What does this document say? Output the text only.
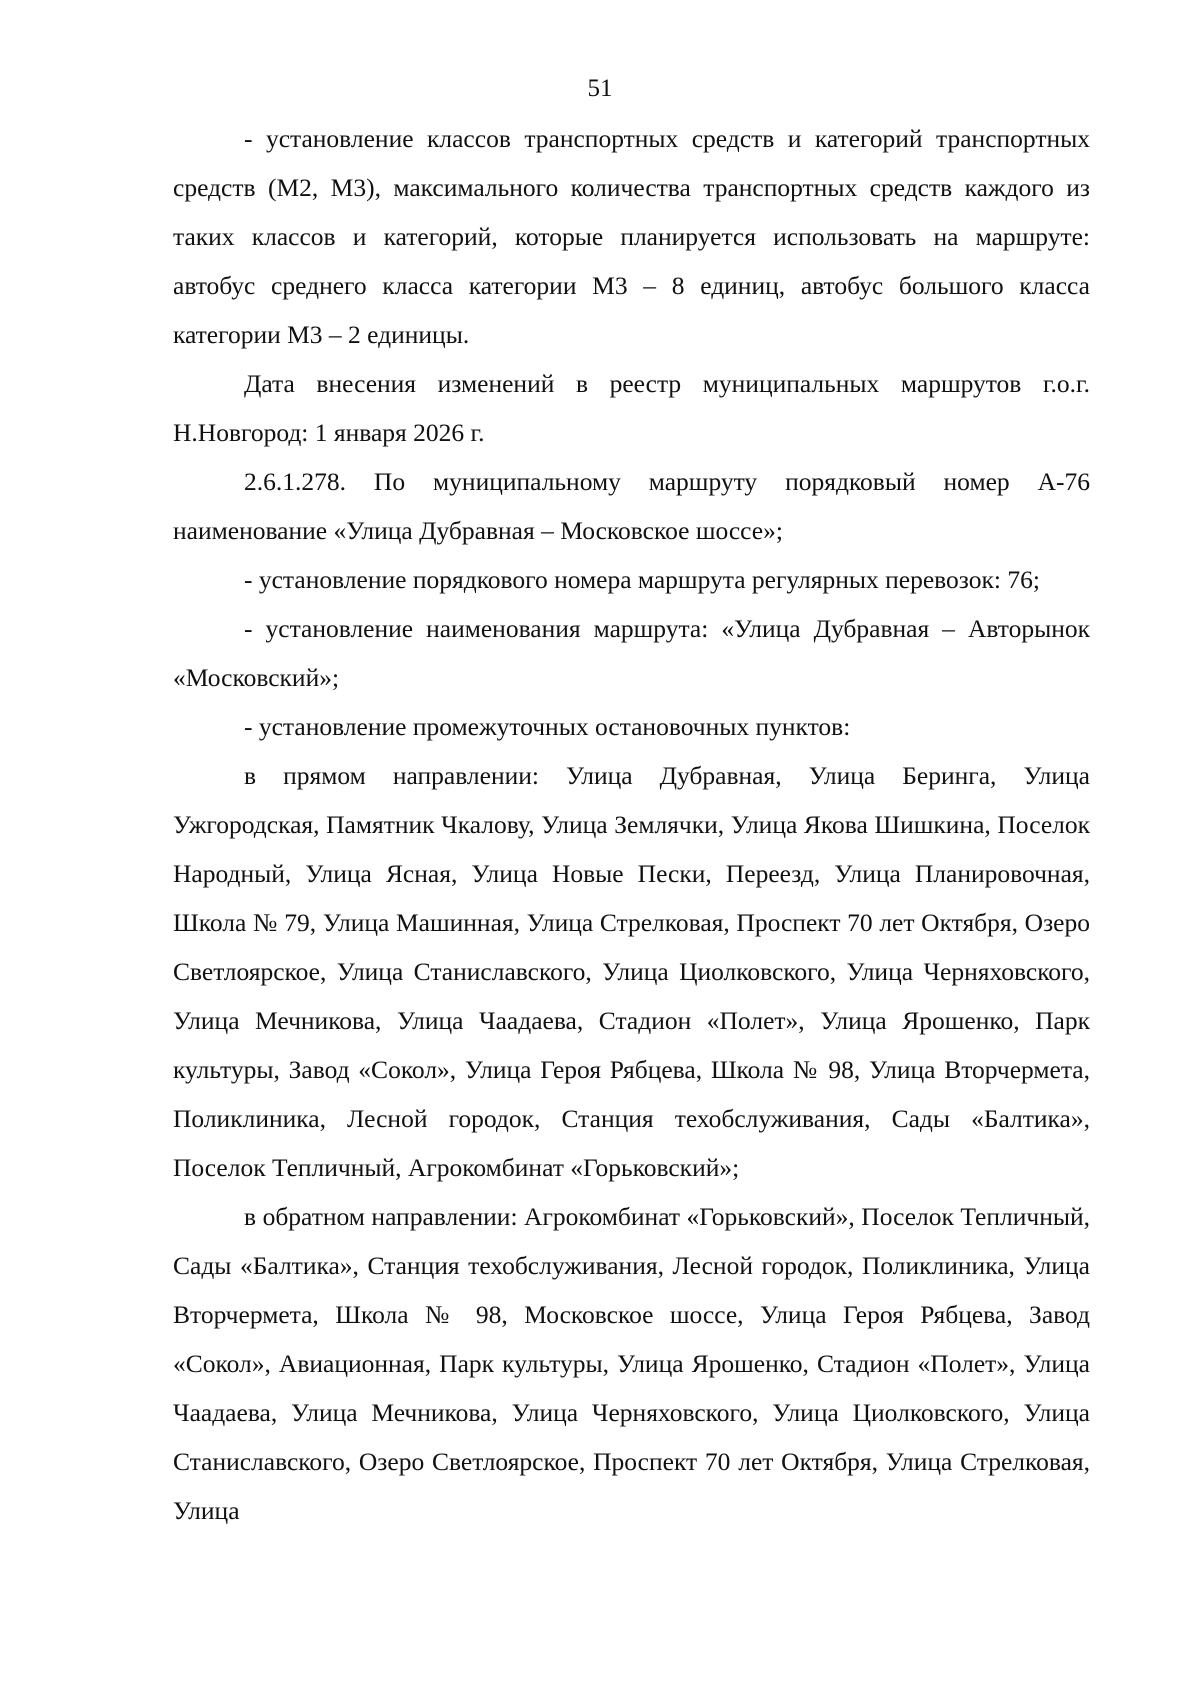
51

- установление классов транспортных средств и категорий транспортных средств (М2, М3), максимального количества транспортных средств каждого из таких классов и категорий, которые планируется использовать на маршруте: автобус среднего класса категории М3 – 8 единиц, автобус большого класса категории М3 – 2 единицы.

Дата внесения изменений в реестр муниципальных маршрутов г.о.г. Н.Новгород: 1 января 2026 г.

2.6.1.278. По муниципальному маршруту порядковый номер А-76 наименование «Улица Дубравная – Московское шоссе»;

- установление порядкового номера маршрута регулярных перевозок: 76;

- установление наименования маршрута: «Улица Дубравная – Авторынок «Московский»;

- установление промежуточных остановочных пунктов:

в прямом направлении: Улица Дубравная, Улица Беринга, Улица Ужгородская, Памятник Чкалову, Улица Землячки, Улица Якова Шишкина, Поселок Народный, Улица Ясная, Улица Новые Пески, Переезд, Улица Планировочная, Школа № 79, Улица Машинная, Улица Стрелковая, Проспект 70 лет Октября, Озеро Светлоярское, Улица Станиславского, Улица Циолковского, Улица Черняховского, Улица Мечникова, Улица Чаадаева, Стадион «Полет», Улица Ярошенко, Парк культуры, Завод «Сокол», Улица Героя Рябцева, Школа № 98, Улица Вторчермета, Поликлиника, Лесной городок, Станция техобслуживания, Сады «Балтика», Поселок Тепличный, Агрокомбинат «Горьковский»;

в обратном направлении: Агрокомбинат «Горьковский», Поселок Тепличный, Сады «Балтика», Станция техобслуживания, Лесной городок, Поликлиника, Улица Вторчермета, Школа № 98, Московское шоссе, Улица Героя Рябцева, Завод «Сокол», Авиационная, Парк культуры, Улица Ярошенко, Стадион «Полет», Улица Чаадаева, Улица Мечникова, Улица Черняховского, Улица Циолковского, Улица Станиславского, Озеро Светлоярское, Проспект 70 лет Октября, Улица Стрелковая, Улица
